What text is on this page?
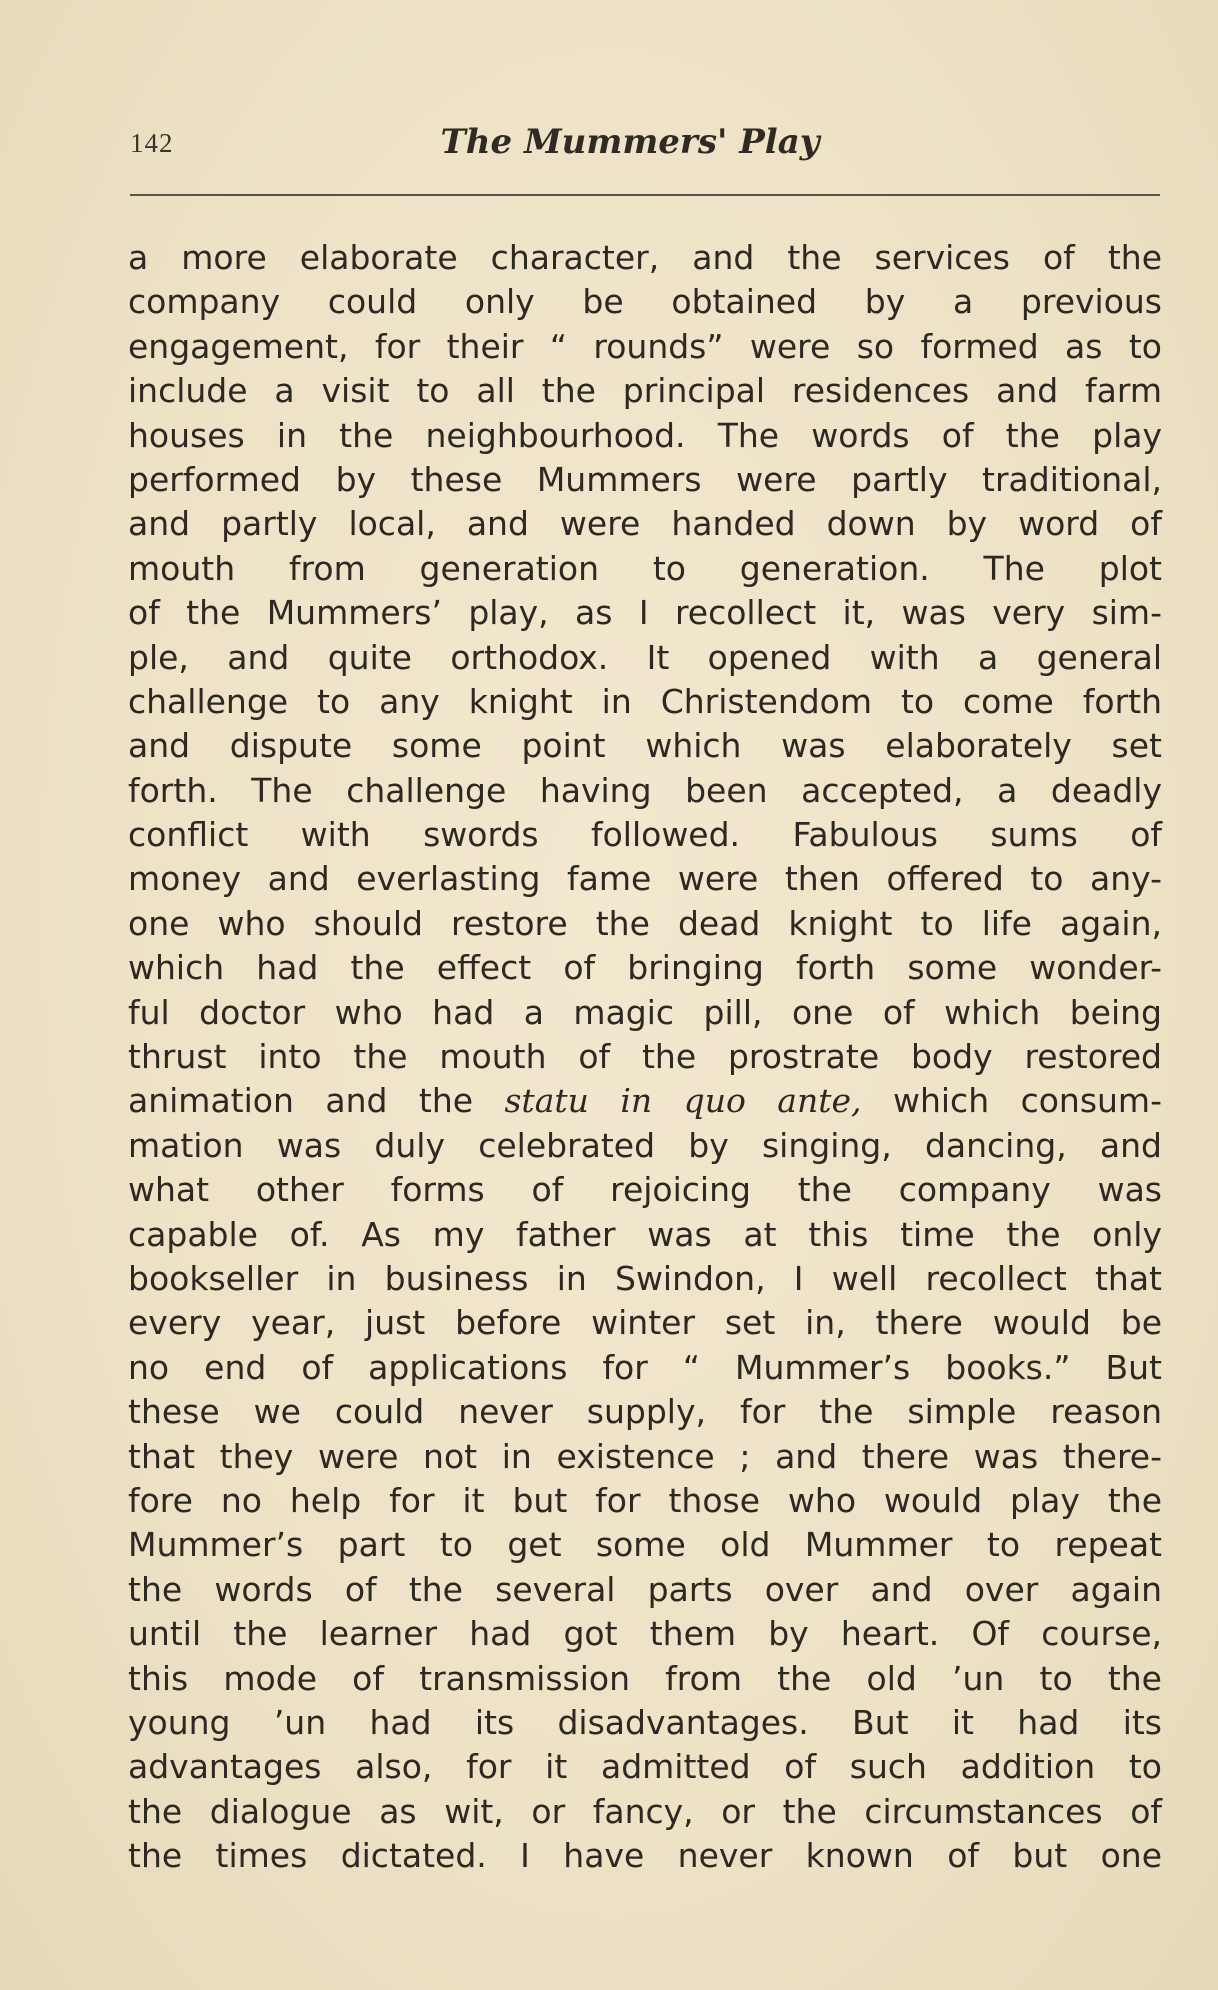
142	The Mummers' Play
a more elaborate character, and the services of the
company could only be obtained by a previous
engagement, for their “ rounds” were so formed as to
include a visit to all the principal residences and farm
houses in the neighbourhood. The words of the play
performed by these Mummers were partly traditional,
and partly local, and were handed down by word of
mouth from generation to generation. The plot
of the Mummers’ play, as I recollect it, was very sim-
ple, and quite orthodox. It opened with a general
challenge to any knight in Christendom to come forth
and dispute some point which was elaborately set
forth. The challenge having been accepted, a deadly
conflict with swords followed. Fabulous sums of
money and everlasting fame were then offered to any-
one who should restore the dead knight to life again,
which had the effect of bringing forth some wonder-
ful doctor who had a magic pill, one of which being
thrust into the mouth of the prostrate body restored
animation and the statu in quo ante, which consum-
mation was duly celebrated by singing, dancing, and
what other forms of rejoicing the company was
capable of. As my father was at this time the only
bookseller in business in Swindon, I well recollect that
every year, just before winter set in, there would be
no end of applications for “ Mummer’s books.” But
these we could never supply, for the simple reason
that they were not in existence ; and there was there-
fore no help for it but for those who would play the
Mummer’s part to get some old Mummer to repeat
the words of the several parts over and over again
until the learner had got them by heart. Of course,
this mode of transmission from the old ’un to the
young ’un had its disadvantages. But it had its
advantages also, for it admitted of such addition to
the dialogue as wit, or fancy, or the circumstances of
the times dictated. I have never known of but one
